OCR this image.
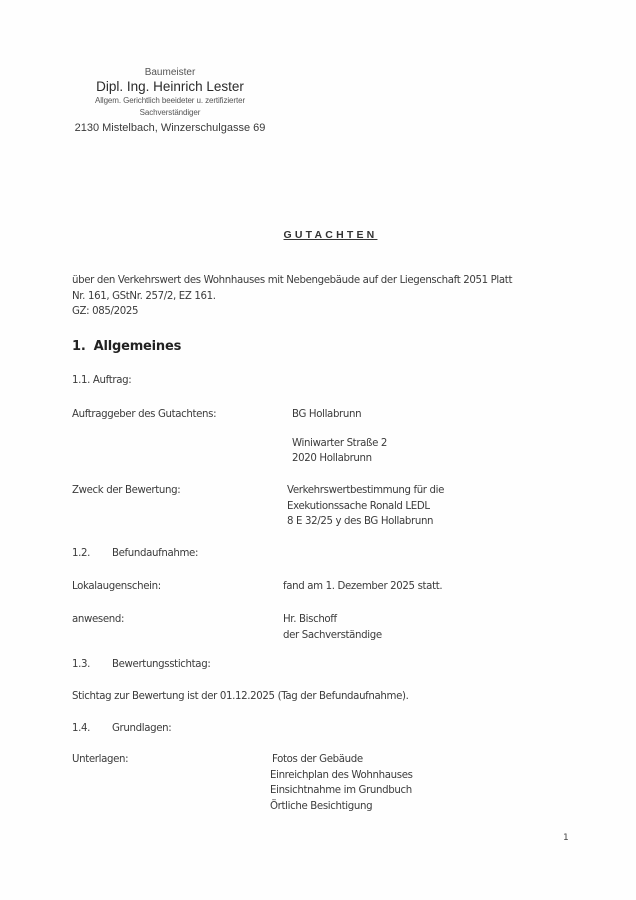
Baumeister
Dipl. Ing. Heinrich Lester
Allgem. Gerichtlich beeideter u. zertifizierter
Sachverständiger
2130 Mistelbach, Winzerschulgasse 69
GUTACHTEN
über den Verkehrswert des Wohnhauses mit Nebengebäude auf der Liegenschaft 2051 Platt
Nr. 161, GStNr. 257/2, EZ 161.
GZ: 085/2025
1. Allgemeines
1.1. Auftrag:
Auftraggeber des Gutachtens:	BG Hollabrunn
Winiwarter Straße 2
2020 Hollabrunn
Zweck der Bewertung:	Verkehrswertbestimmung für die
Exekutionssache Ronald LEDL
8 E 32/25 y des BG Hollabrunn
1.2. Befundaufnahme:
Lokalaugenschein:	fand am 1. Dezember 2025 statt.
anwesend:	Hr. Bischoff
der Sachverständige
1.3. Bewertungsstichtag:
Stichtag zur Bewertung ist der 01.12.2025 (Tag der Befundaufnahme).
1.4. Grundlagen:
Unterlagen:	Fotos der Gebäude
Einreichplan des Wohnhauses
Einsichtnahme im Grundbuch
Örtliche Besichtigung
1
